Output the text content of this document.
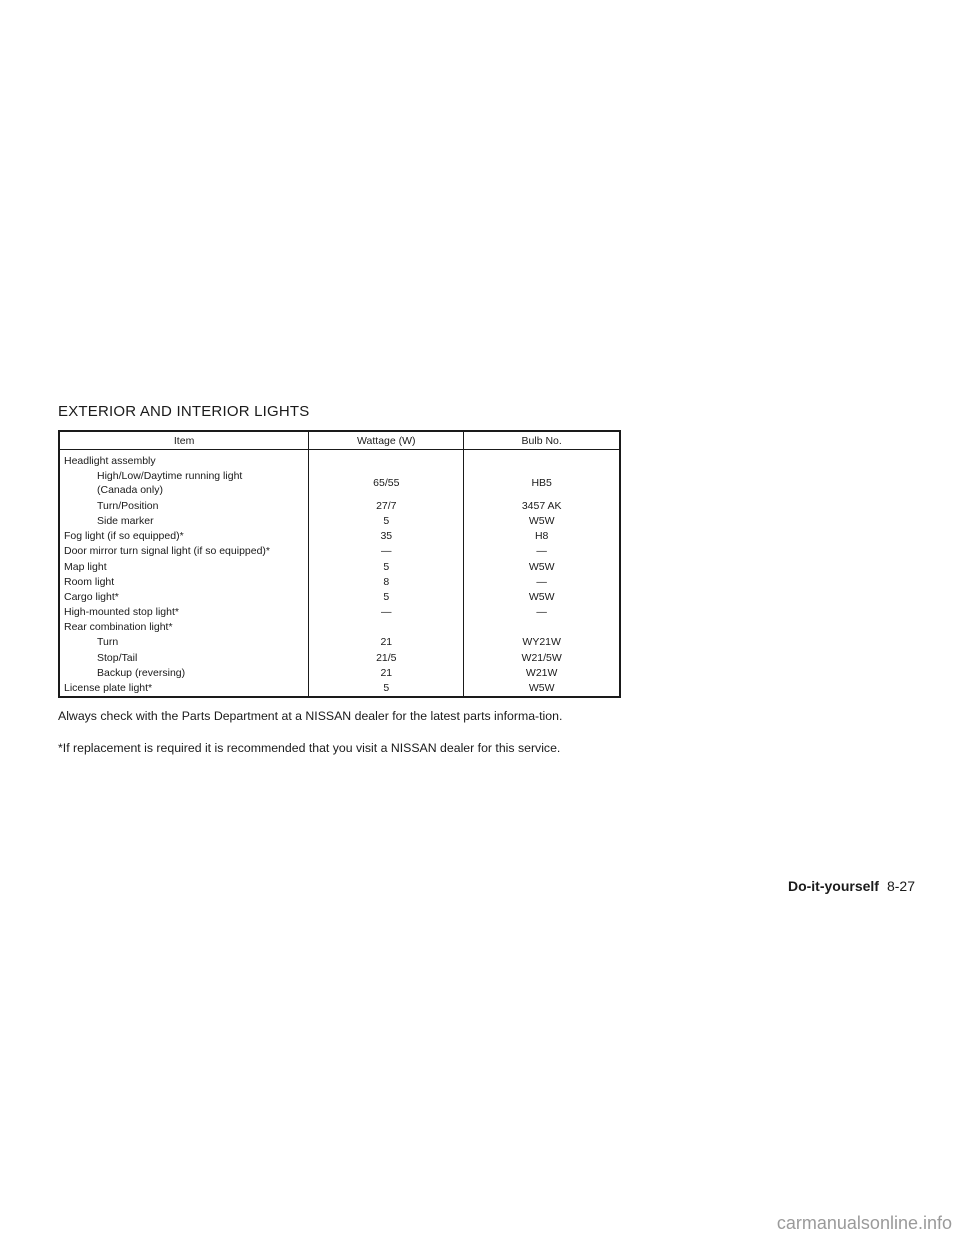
EXTERIOR AND INTERIOR LIGHTS
Item	Wattage (W)	Bulb No.
Headlight assembly		
High/Low/Daytime running light
(Canada only)	65/55	HB5
Turn/Position	27/7	3457 AK
Side marker	5	W5W
Fog light (if so equipped)*	35	H8
Door mirror turn signal light (if so equipped)*	—	—
Map light	5	W5W
Room light	8	—
Cargo light*	5	W5W
High-mounted stop light*	—	—
Rear combination light*		
Turn	21	WY21W
Stop/Tail	21/5	W21/5W
Backup (reversing)	21	W21W
License plate light*	5	W5W

Always check with the Parts Department at a NISSAN dealer for the latest parts informa-tion.

*If replacement is required it is recommended that you visit a NISSAN dealer for this service.

Do-it-yourself 8-27
carmanualsonline.info
